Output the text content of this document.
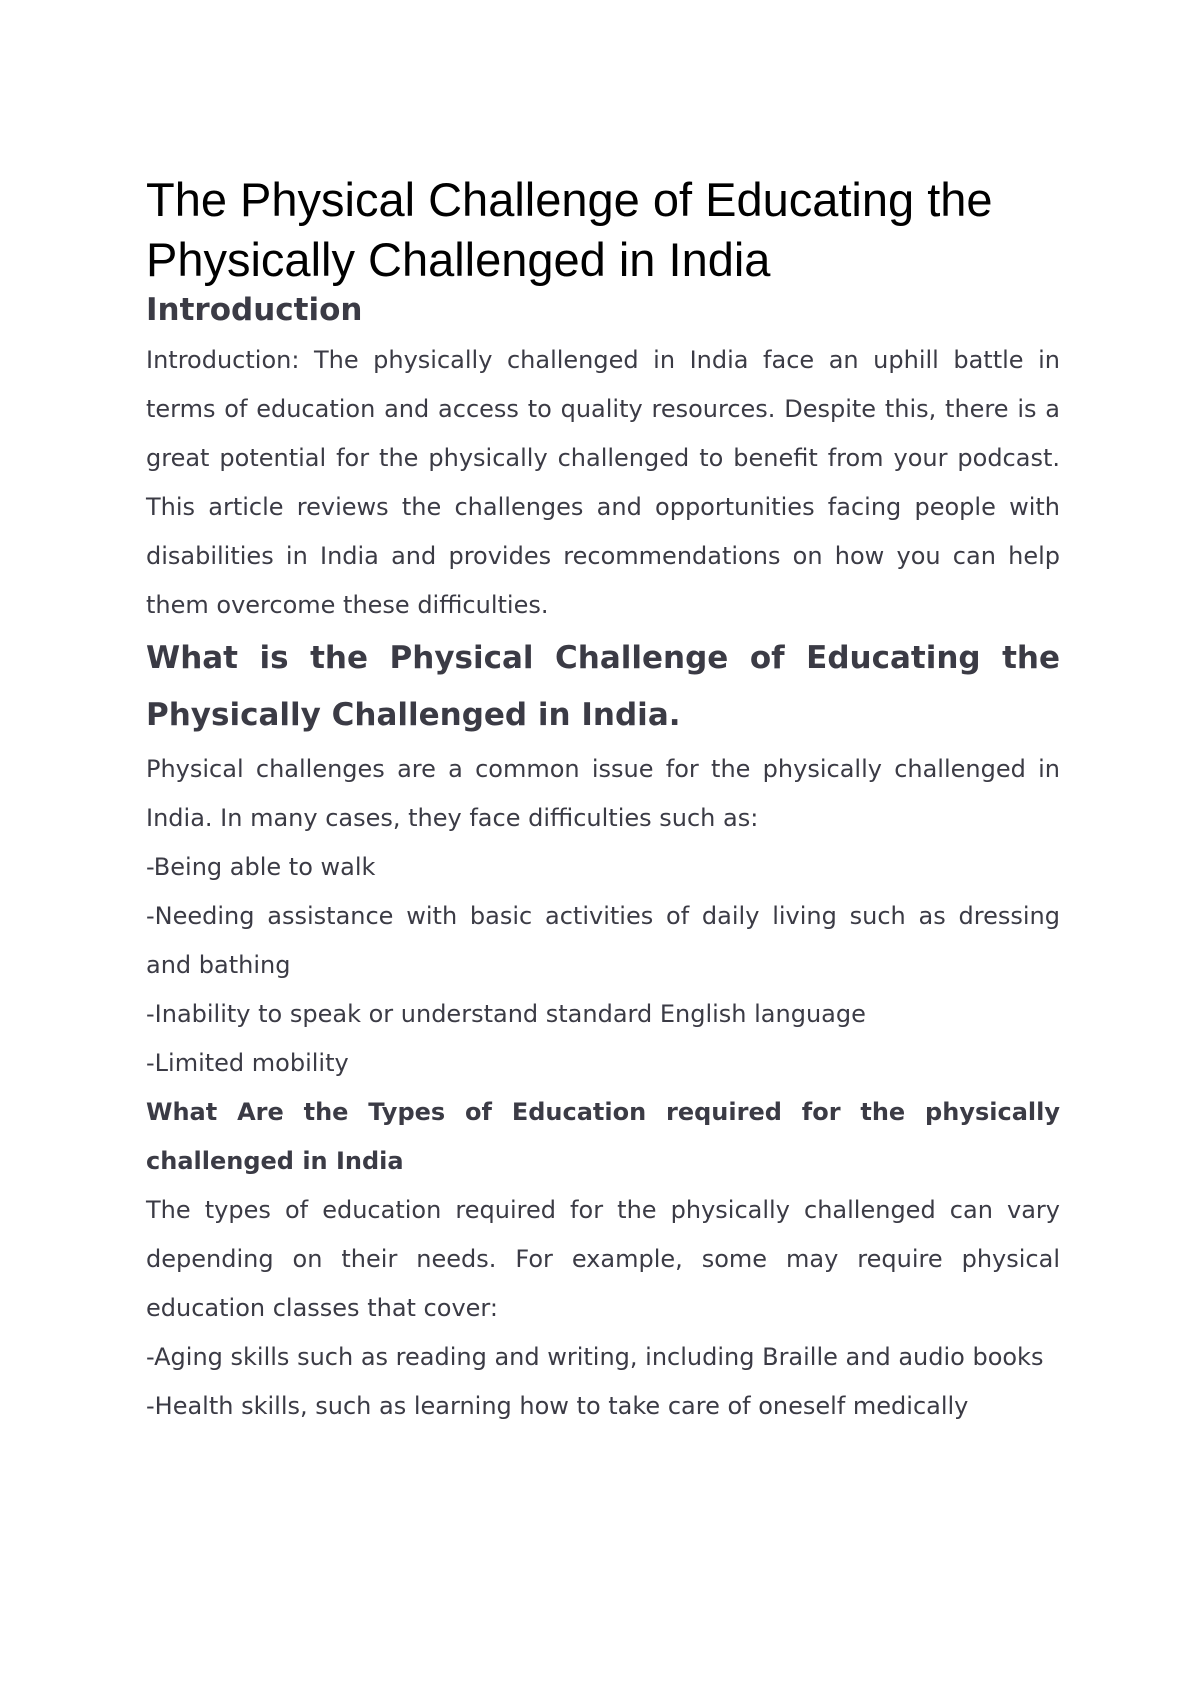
The Physical Challenge of Educating the Physically Challenged in India
Introduction

Introduction: The physically challenged in India face an uphill battle in terms of education and access to quality resources. Despite this, there is a great potential for the physically challenged to benefit from your podcast. This article reviews the challenges and opportunities facing people with disabilities in India and provides recommendations on how you can help them overcome these difficulties.

What is the Physical Challenge of Educating the Physically Challenged in India.

Physical challenges are a common issue for the physically challenged in India. In many cases, they face difficulties such as:

-Being able to walk

-Needing assistance with basic activities of daily living such as dressing and bathing

-Inability to speak or understand standard English language

-Limited mobility

What Are the Types of Education required for the physically challenged in India

The types of education required for the physically challenged can vary depending on their needs. For example, some may require physical education classes that cover:

-Aging skills such as reading and writing, including Braille and audio books

-Health skills, such as learning how to take care of oneself medically
